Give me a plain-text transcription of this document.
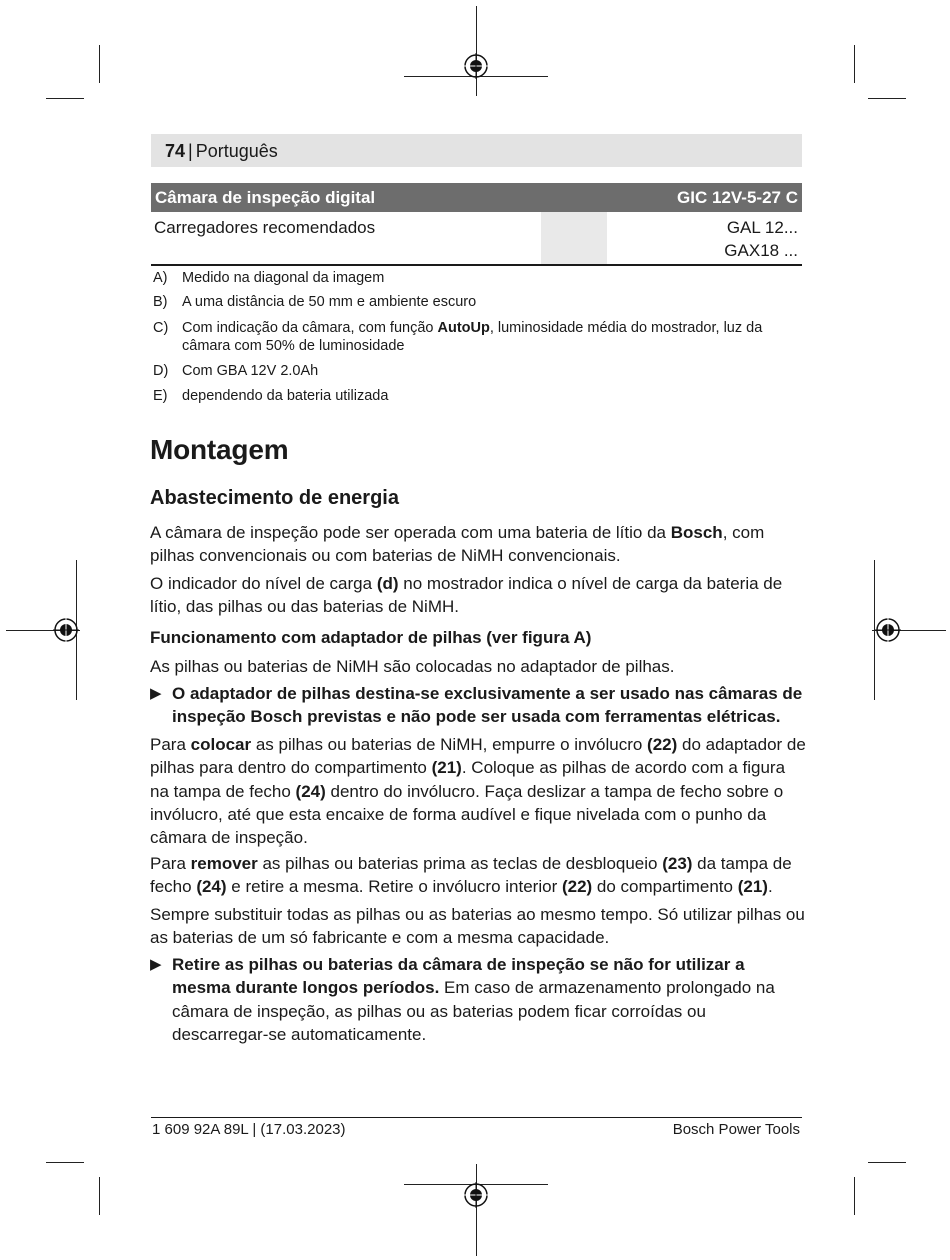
74 | Português
Câmara de inspeção digital	GIC 12V-5-27 C
Carregadores recomendados	GAL 12...
GAX18 ...
A) Medido na diagonal da imagem
B) A uma distância de 50 mm e ambiente escuro
C) Com indicação da câmara, com função AutoUp, luminosidade média do mostrador, luz da câmara com 50% de luminosidade
D) Com GBA 12V 2.0Ah
E) dependendo da bateria utilizada
Montagem
Abastecimento de energia

A câmara de inspeção pode ser operada com uma bateria de lítio da Bosch, com pilhas convencionais ou com baterias de NiMH convencionais.

O indicador do nível de carga (d) no mostrador indica o nível de carga da bateria de lítio, das pilhas ou das baterias de NiMH.

Funcionamento com adaptador de pilhas (ver figura A)

As pilhas ou baterias de NiMH são colocadas no adaptador de pilhas.

▶ O adaptador de pilhas destina-se exclusivamente a ser usado nas câmaras de inspeção Bosch previstas e não pode ser usada com ferramentas elétricas.

Para colocar as pilhas ou baterias de NiMH, empurre o invólucro (22) do adaptador de pilhas para dentro do compartimento (21). Coloque as pilhas de acordo com a figura na tampa de fecho (24) dentro do invólucro. Faça deslizar a tampa de fecho sobre o invólucro, até que esta encaixe de forma audível e fique nivelada com o punho da câmara de inspeção.

Para remover as pilhas ou baterias prima as teclas de desbloqueio (23) da tampa de fecho (24) e retire a mesma. Retire o invólucro interior (22) do compartimento (21).

Sempre substituir todas as pilhas ou as baterias ao mesmo tempo. Só utilizar pilhas ou as baterias de um só fabricante e com a mesma capacidade.

▶ Retire as pilhas ou baterias da câmara de inspeção se não for utilizar a mesma durante longos períodos. Em caso de armazenamento prolongado na câmara de inspeção, as pilhas ou as baterias podem ficar corroídas ou descarregar-se automaticamente.
1 609 92A 89L | (17.03.2023)	Bosch Power Tools
